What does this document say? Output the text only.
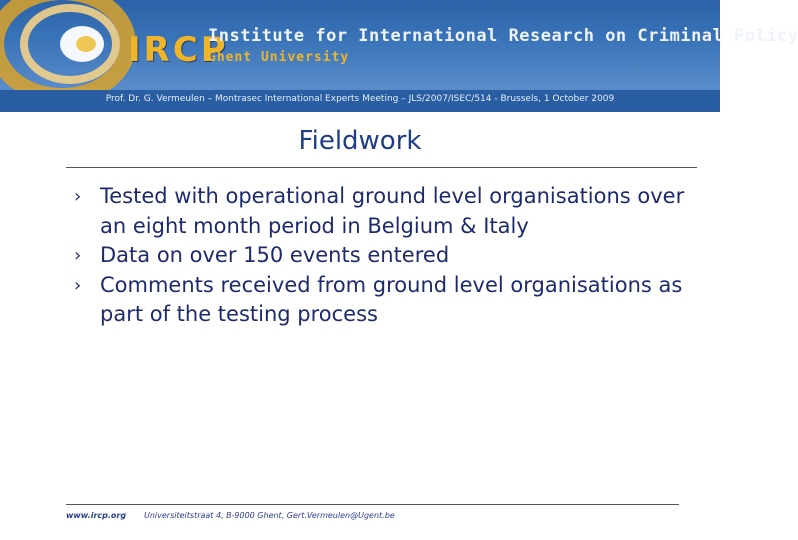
IRCP
Institute for International Research on Criminal Policy
Ghent University
Prof. Dr. G. Vermeulen – Montrasec International Experts Meeting – JLS/2007/ISEC/514 - Brussels, 1 October 2009
Fieldwork
› Tested with operational ground level organisations over an eight month period in Belgium & Italy
› Data on over 150 events entered
› Comments received from ground level organisations as part of the testing process
www.ircp.org Universiteitstraat 4, B-9000 Ghent, Gert.Vermeulen@Ugent.be
